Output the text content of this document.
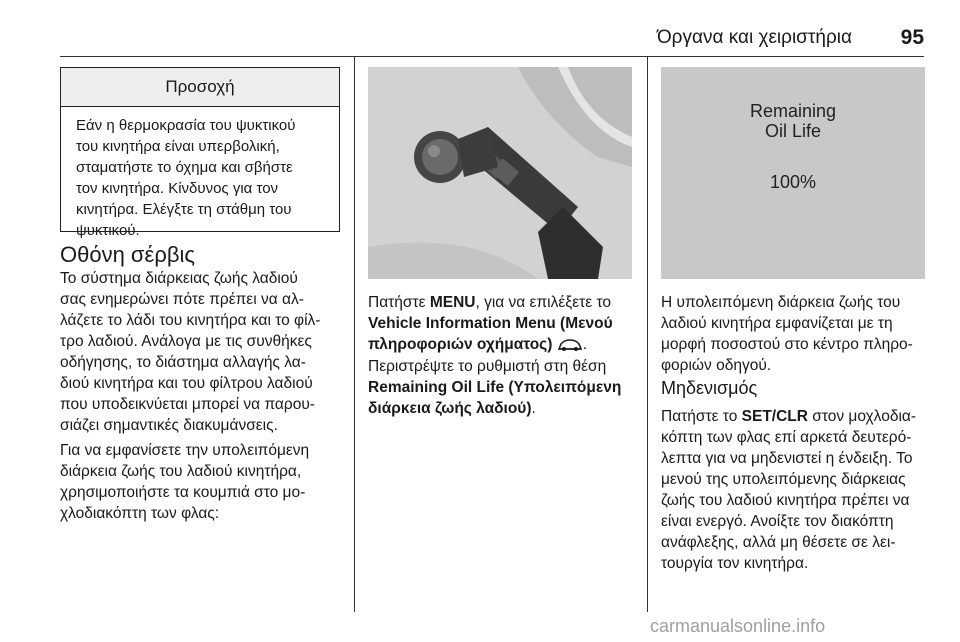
Όργανα και χειριστήρια 95
Προσοχή
Εάν η θερμοκρασία του ψυκτικού
του κινητήρα είναι υπερβολική,
σταματήστε το όχημα και σβήστε
τον κινητήρα. Κίνδυνος για τον
κινητήρα. Ελέγξτε τη στάθμη του
ψυκτικού.
Οθόνη σέρβις
Το σύστημα διάρκειας ζωής λαδιού
σας ενημερώνει πότε πρέπει να αλ-
λάζετε το λάδι του κινητήρα και το φίλ-
τρο λαδιού. Ανάλογα με τις συνθήκες
οδήγησης, το διάστημα αλλαγής λα-
διού κινητήρα και του φίλτρου λαδιού
που υποδεικνύεται μπορεί να παρου-
σιάζει σημαντικές διακυμάνσεις.
Για να εμφανίσετε την υπολειπόμενη
διάρκεια ζωής του λαδιού κινητήρα,
χρησιμοποιήστε τα κουμπιά στο μο-
χλοδιακόπτη των φλας:
Πατήστε MENU, για να επιλέξετε το
Vehicle Information Menu (Μενού
πληροφοριών οχήματος) .
Περιστρέψτε το ρυθμιστή στη θέση
Remaining Oil Life (Υπολειπόμενη
διάρκεια ζωής λαδιού).
Remaining
Oil Life
100%
Η υπολειπόμενη διάρκεια ζωής του
λαδιού κινητήρα εμφανίζεται με τη
μορφή ποσοστού στο κέντρο πληρο-
φοριών οδηγού.
Μηδενισμός
Πατήστε το SET/CLR στον μοχλοδια-
κόπτη των φλας επί αρκετά δευτερό-
λεπτα για να μηδενιστεί η ένδειξη. Το
μενού της υπολειπόμενης διάρκειας
ζωής του λαδιού κινητήρα πρέπει να
είναι ενεργό. Ανοίξτε τον διακόπτη
ανάφλεξης, αλλά μη θέσετε σε λει-
τουργία τον κινητήρα.
carmanualsonline.info
